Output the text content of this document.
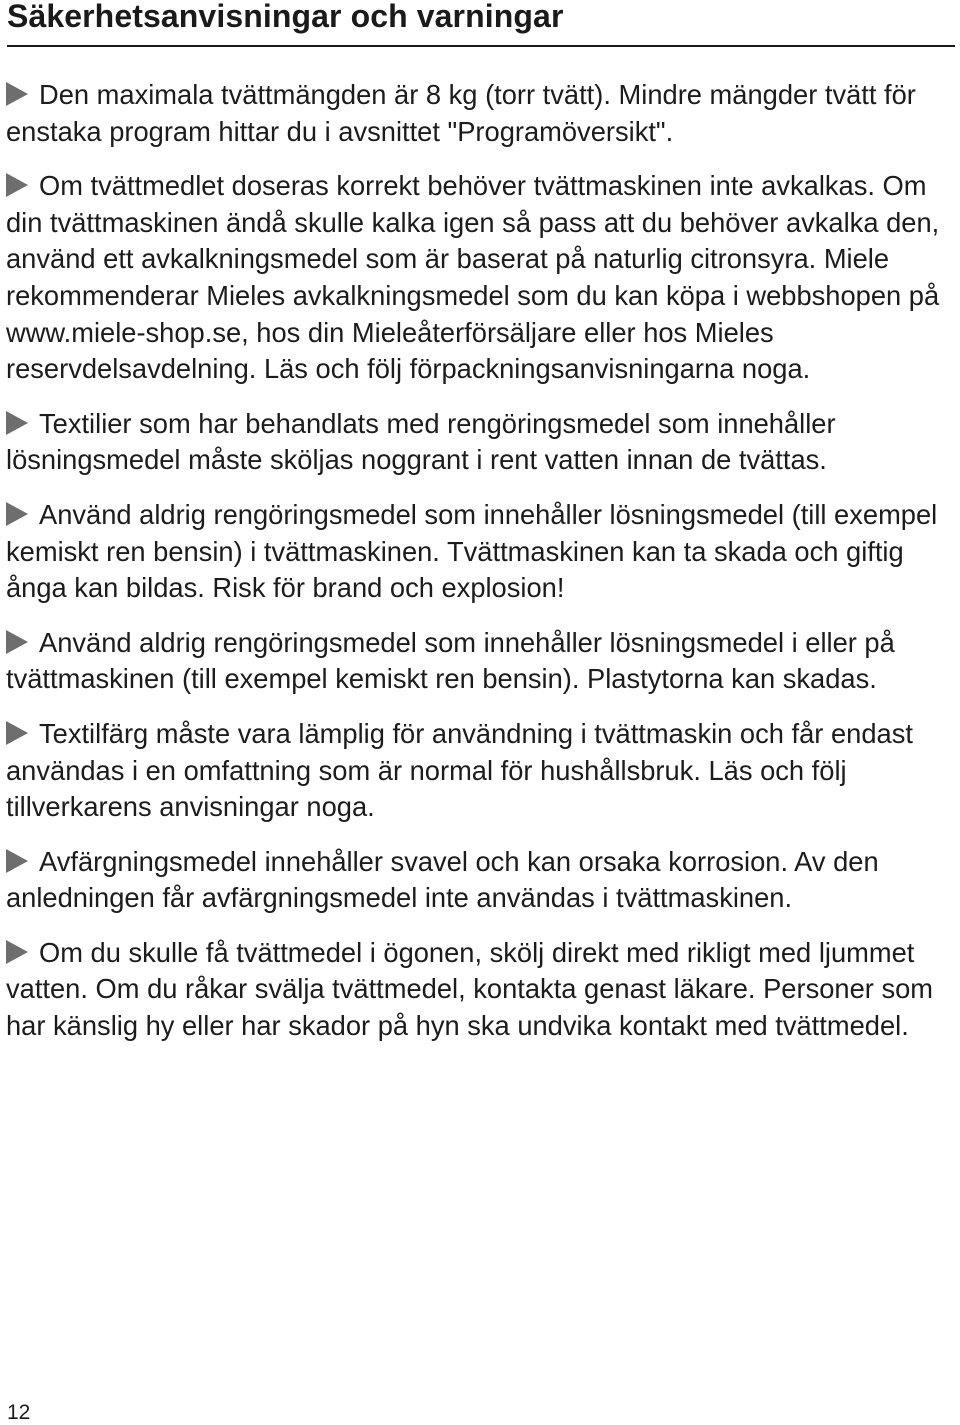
Säkerhetsanvisningar och varningar

Den maximala tvättmängden är 8 kg (torr tvätt). Mindre mängder tvätt för enstaka program hittar du i avsnittet "Programöversikt".

Om tvättmedlet doseras korrekt behöver tvättmaskinen inte avkalkas. Om din tvättmaskinen ändå skulle kalka igen så pass att du behöver avkalka den, använd ett avkalkningsmedel som är baserat på naturlig citronsyra. Miele rekommenderar Mieles avkalkningsmedel som du kan köpa i webbshopen på www.miele-shop.se, hos din Mieleåterförsäljare eller hos Mieles reservdelsavdelning. Läs och följ förpackningsanvisningarna noga.

Textilier som har behandlats med rengöringsmedel som innehåller lösningsmedel måste sköljas noggrant i rent vatten innan de tvättas.

Använd aldrig rengöringsmedel som innehåller lösningsmedel (till exempel kemiskt ren bensin) i tvättmaskinen. Tvättmaskinen kan ta skada och giftig ånga kan bildas. Risk för brand och explosion!

Använd aldrig rengöringsmedel som innehåller lösningsmedel i eller på tvättmaskinen (till exempel kemiskt ren bensin). Plastytorna kan skadas.

Textilfärg måste vara lämplig för användning i tvättmaskin och får endast användas i en omfattning som är normal för hushållsbruk. Läs och följ tillverkarens anvisningar noga.

Avfärgningsmedel innehåller svavel och kan orsaka korrosion. Av den anledningen får avfärgningsmedel inte användas i tvättmaskinen.

Om du skulle få tvättmedel i ögonen, skölj direkt med rikligt med ljummet vatten. Om du råkar svälja tvättmedel, kontakta genast läkare. Personer som har känslig hy eller har skador på hyn ska undvika kontakt med tvättmedel.

12
